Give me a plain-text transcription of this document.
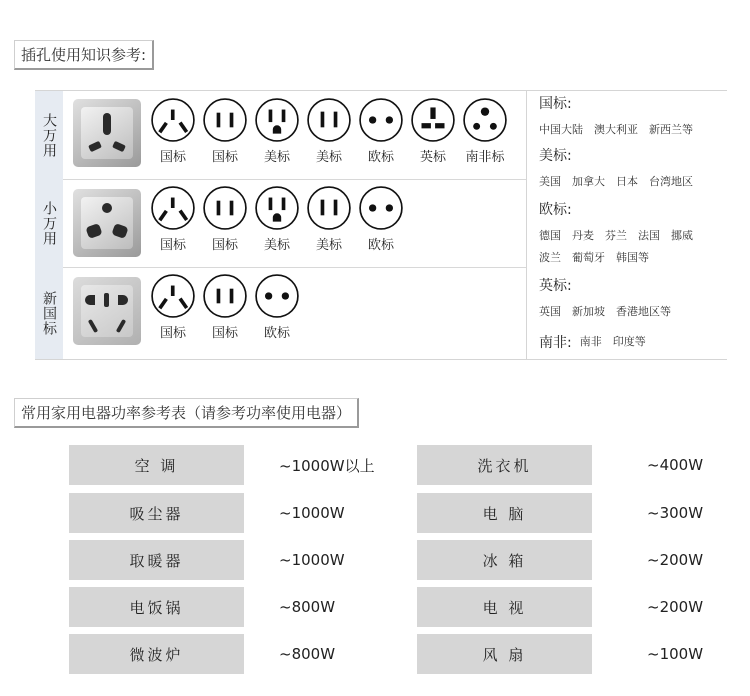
插孔使用知识参考:
大万用	国标	国标	美标	美标	欧标	英标	南非标
小万用	国标	国标	美标	美标	欧标
新国标	国标	国标	欧标
国标:
中国大陆 澳大利亚 新西兰等
美标:
美国 加拿大 日本 台湾地区
欧标:
德国 丹麦 芬兰 法国 挪威
波兰 葡萄牙 韩国等
英标:
英国 新加坡 香港地区等
南非: 南非 印度等
常用家用电器功率参考表（请参考功率使用电器）
空 调	~1000W以上
吸尘器	~1000W
取暖器	~1000W
电饭锅	~800W
微波炉	~800W
洗衣机	~400W
电 脑	~300W
冰 箱	~200W
电 视	~200W
风 扇	~100W
